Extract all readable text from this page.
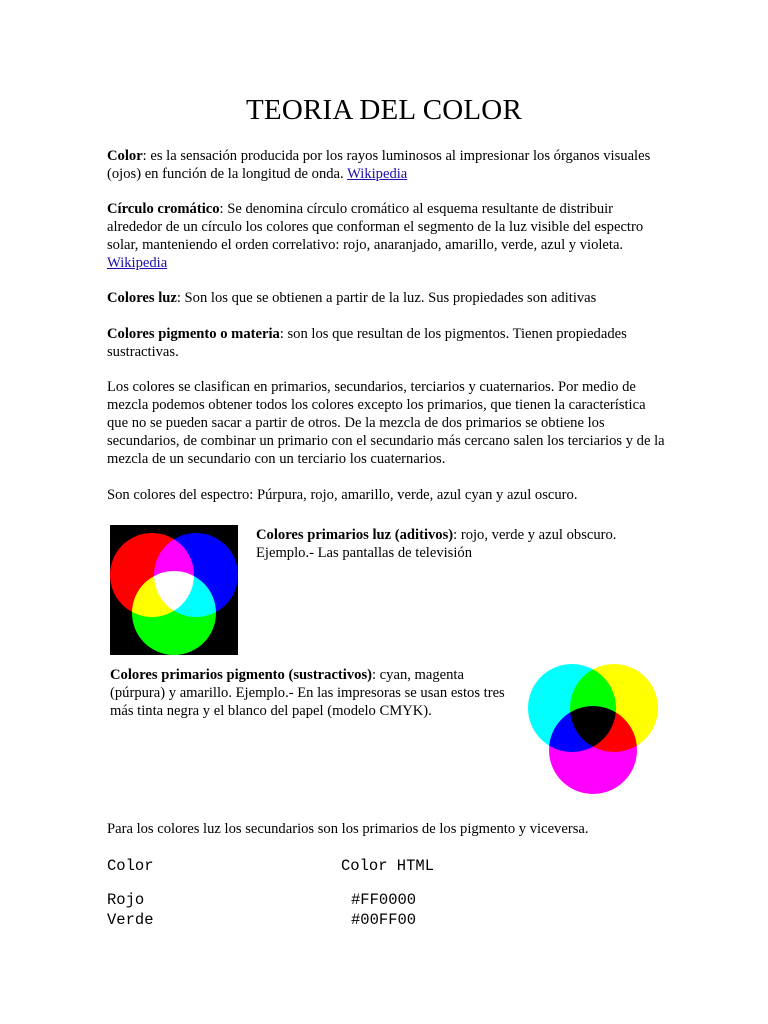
TEORIA DEL COLOR

Color: es la sensación producida por los rayos luminosos al impresionar los órganos visuales (ojos) en función de la longitud de onda. Wikipedia

Círculo cromático: Se denomina círculo cromático al esquema resultante de distribuir alrededor de un círculo los colores que conforman el segmento de la luz visible del espectro solar, manteniendo el orden correlativo: rojo, anaranjado, amarillo, verde, azul y violeta. Wikipedia

Colores luz: Son los que se obtienen a partir de la luz. Sus propiedades son aditivas

Colores pigmento o materia: son los que resultan de los pigmentos. Tienen propiedades sustractivas.

Los colores se clasifican en primarios, secundarios, terciarios y cuaternarios. Por medio de mezcla podemos obtener todos los colores excepto los primarios, que tienen la característica que no se pueden sacar a partir de otros. De la mezcla de dos primarios se obtiene los secundarios, de combinar un primario con el secundario más cercano salen los terciarios y de la mezcla de un secundario con un terciario los cuaternarios.

Son colores del espectro: Púrpura, rojo, amarillo, verde, azul cyan y azul oscuro.

Colores primarios luz (aditivos): rojo, verde y azul obscuro. Ejemplo.- Las pantallas de televisión

Colores primarios pigmento (sustractivos): cyan, magenta (púrpura) y amarillo. Ejemplo.- En las impresoras se usan estos tres más tinta negra y el blanco del papel (modelo CMYK).

Para los colores luz los secundarios son los primarios de los pigmento y viceversa.

Color	Color HTML
Rojo	#FF0000
Verde	#00FF00
